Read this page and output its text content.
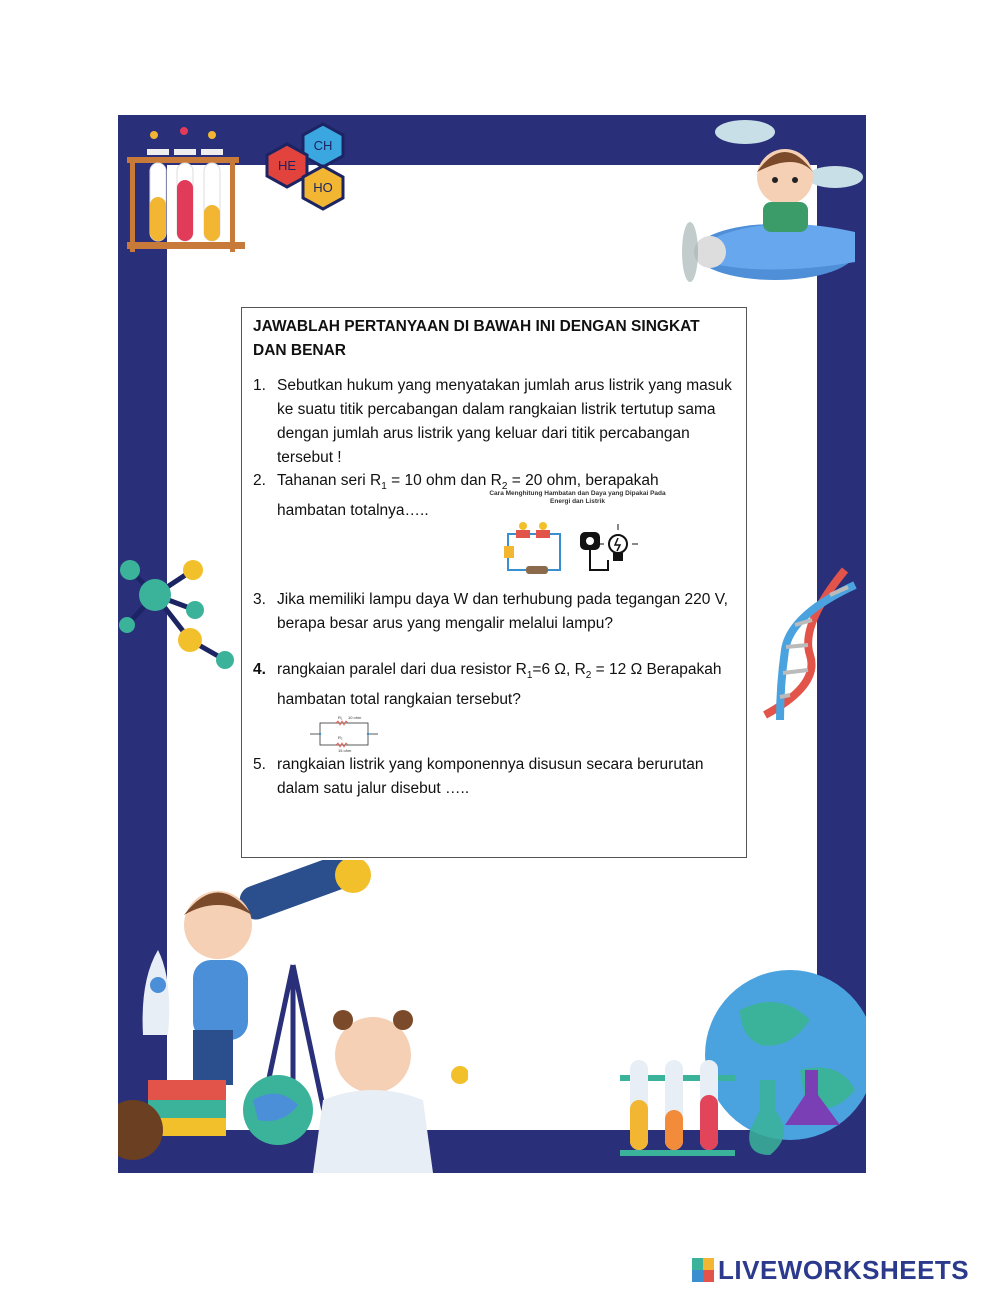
CH
HE
HO
JAWABLAH PERTANYAAN DI BAWAH INI DENGAN SINGKAT DAN BENAR
1. Sebutkan hukum yang menyatakan jumlah arus listrik yang masuk ke suatu titik percabangan dalam rangkaian listrik tertutup sama dengan jumlah arus listrik yang keluar dari titik percabangan tersebut !
2. Tahanan seri $R_1 = 10$ ohm dan $R_2 = 20$ ohm, berapakah hambatan totalnya…..
Cara Menghitung Hambatan dan Daya yang Dipakai Pada Energi dan Listrik
3. Jika memiliki lampu daya W dan terhubung pada tegangan 220 V, berapa besar arus yang mengalir melalui lampu?
4. rangkaian paralel dari dua resistor $R_1=6$ Ω, $R_2 = 12$ Ω Berapakah hambatan total rangkaian tersebut?
R₁ 10 ohm
R₂
15 ohm
5. rangkaian listrik yang komponennya disusun secara berurutan dalam satu jalur disebut …..
LIVEWORKSHEETS
